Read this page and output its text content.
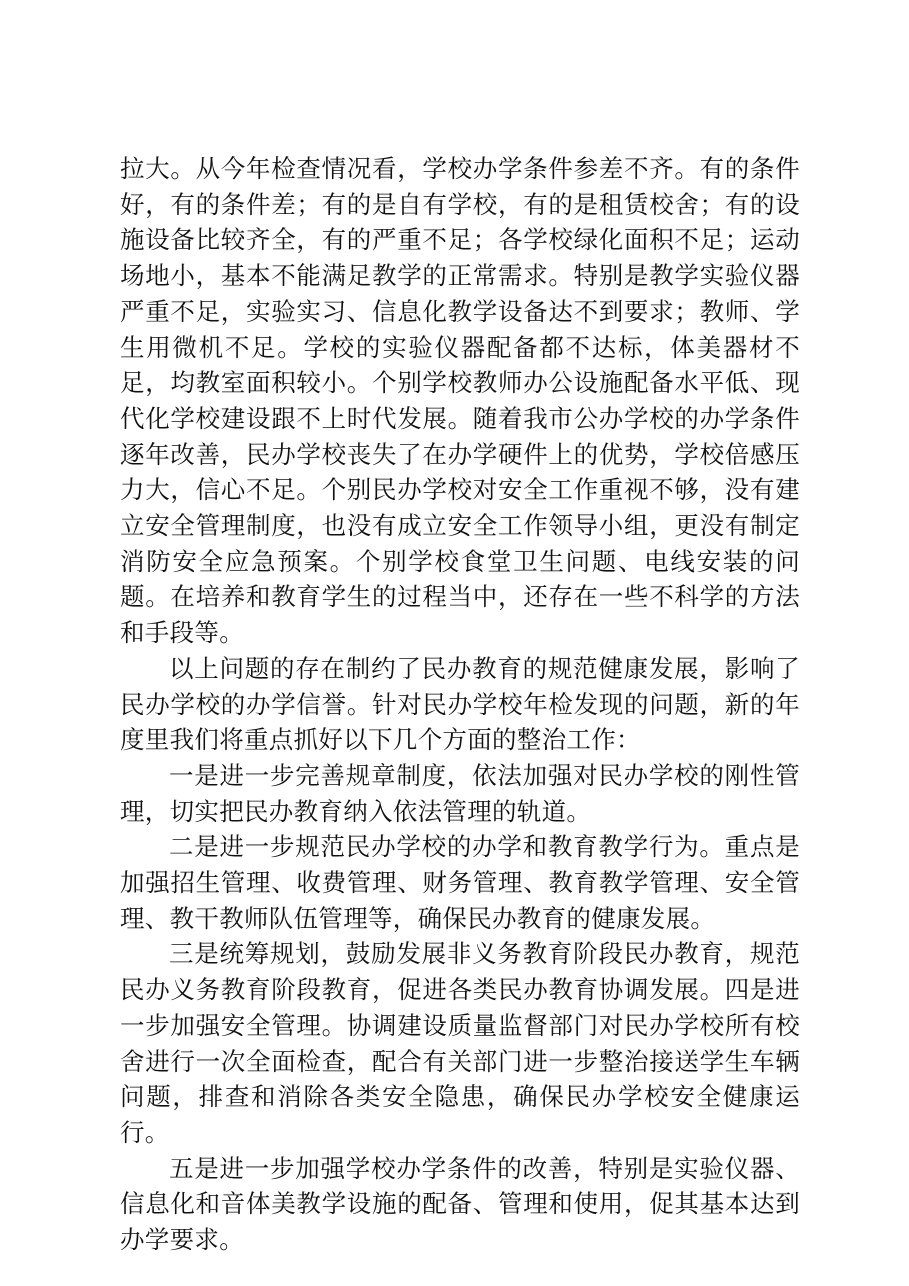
拉大。从今年检查情况看，学校办学条件参差不齐。有的条件好，有的条件差；有的是自有学校，有的是租赁校舍；有的设施设备比较齐全，有的严重不足；各学校绿化面积不足；运动场地小，基本不能满足教学的正常需求。特别是教学实验仪器严重不足，实验实习、信息化教学设备达不到要求；教师、学生用微机不足。学校的实验仪器配备都不达标，体美器材不足，均教室面积较小。个别学校教师办公设施配备水平低、现代化学校建设跟不上时代发展。随着我市公办学校的办学条件逐年改善，民办学校丧失了在办学硬件上的优势，学校倍感压力大，信心不足。个别民办学校对安全工作重视不够，没有建立安全管理制度，也没有成立安全工作领导小组，更没有制定消防安全应急预案。个别学校食堂卫生问题、电线安装的问题。在培养和教育学生的过程当中，还存在一些不科学的方法和手段等。

以上问题的存在制约了民办教育的规范健康发展，影响了民办学校的办学信誉。针对民办学校年检发现的问题，新的年度里我们将重点抓好以下几个方面的整治工作：

一是进一步完善规章制度，依法加强对民办学校的刚性管理，切实把民办教育纳入依法管理的轨道。

二是进一步规范民办学校的办学和教育教学行为。重点是加强招生管理、收费管理、财务管理、教育教学管理、安全管理、教干教师队伍管理等，确保民办教育的健康发展。

三是统筹规划，鼓励发展非义务教育阶段民办教育，规范民办义务教育阶段教育，促进各类民办教育协调发展。四是进一步加强安全管理。协调建设质量监督部门对民办学校所有校舍进行一次全面检查，配合有关部门进一步整治接送学生车辆问题，排查和消除各类安全隐患，确保民办学校安全健康运行。

五是进一步加强学校办学条件的改善，特别是实验仪器、信息化和音体美教学设施的配备、管理和使用，促其基本达到办学要求。
